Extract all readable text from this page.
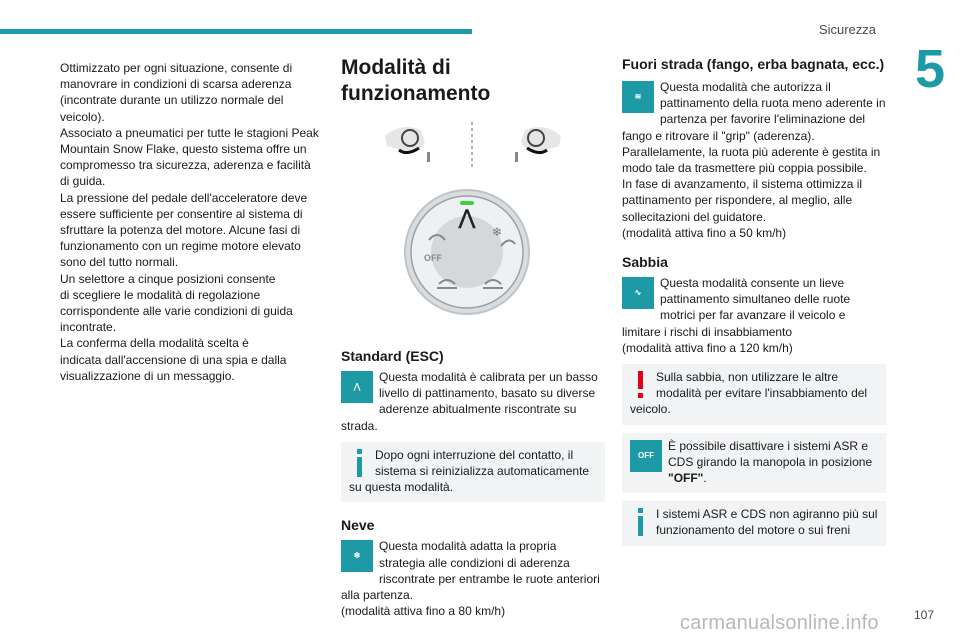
Sicurezza
5

Ottimizzato per ogni situazione, consente di

manovrare in condizioni di scarsa aderenza

(incontrate durante un utilizzo normale del

veicolo).

Associato a pneumatici per tutte le stagioni Peak

Mountain Snow Flake, questo sistema offre un

compromesso tra sicurezza, aderenza e facilità

di guida.

La pressione del pedale dell'acceleratore deve

essere sufficiente per consentire al sistema di

sfruttare la potenza del motore. Alcune fasi di

funzionamento con un regime motore elevato

sono del tutto normali.

Un selettore a cinque posizioni consente

di scegliere le modalità di regolazione

corrispondente alle varie condizioni di guida

incontrate.

La conferma della modalità scelta è

indicata dall'accensione di una spia e dalla

visualizzazione di un messaggio.

Modalità di funzionamento
⋀
❄
OFF
Standard (ESC)
⋀
Questa modalità è calibrata per un basso livello di pattinamento, basato su diverse aderenze abitualmente riscontrate su strada.
Dopo ogni interruzione del contatto, il sistema si reinizializza automaticamente su questa modalità.
Neve
❄
Questa modalità adatta la propria strategia alle condizioni di aderenza riscontrate per entrambe le ruote anteriori alla partenza.

(modalità attiva fino a 80 km/h)

Fuori strada (fango, erba bagnata, ecc.)
≋
Questa modalità che autorizza il pattinamento della ruota meno aderente in partenza per favorire l'eliminazione del fango e ritrovare il "grip" (aderenza). Parallelamente, la ruota più aderente è gestita in modo tale da trasmettere più coppia possibile.

In fase di avanzamento, il sistema ottimizza il pattinamento per rispondere, al meglio, alle sollecitazioni del guidatore.

(modalità attiva fino a 50 km/h)

Sabbia
∿
Questa modalità consente un lieve pattinamento simultaneo delle ruote motrici per far avanzare il veicolo e limitare i rischi di insabbiamento

(modalità attiva fino a 120 km/h)

Sulla sabbia, non utilizzare le altre modalità per evitare l'insabbiamento del veicolo.
OFF
È possibile disattivare i sistemi ASR e CDS girando la manopola in posizione "OFF".
I sistemi ASR e CDS non agiranno più sul funzionamento del motore o sui freni
carmanualsonline.info	107
